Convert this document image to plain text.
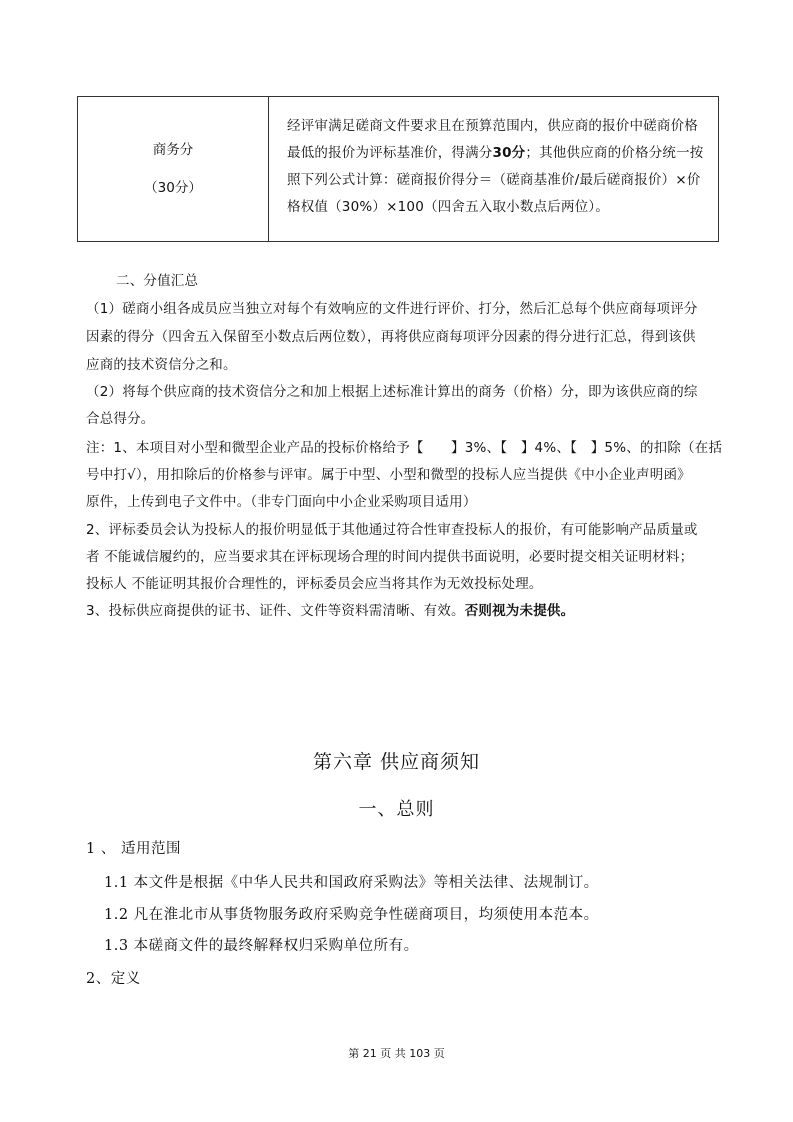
商务分
（30分）
经评审满足磋商文件要求且在预算范围内，供应商的报价中磋商价格最低的报价为评标基准价，得满分30分；其他供应商的价格分统一按照下列公式计算：磋商报价得分＝（磋商基准价/最后磋商报价）×价格权值（30%）×100（四舍五入取小数点后两位）。
二、分值汇总
（1）磋商小组各成员应当独立对每个有效响应的文件进行评价、打分，然后汇总每个供应商每项评分
因素的得分（四舍五入保留至小数点后两位数），再将供应商每项评分因素的得分进行汇总，得到该供
应商的技术资信分之和。
（2）将每个供应商的技术资信分之和加上根据上述标准计算出的商务（价格）分，即为该供应商的综
合总得分。
注：1、本项目对小型和微型企业产品的投标价格给予【　　】3%、【　】4%、【　】5%、的扣除（在括
号中打√），用扣除后的价格参与评审。属于中型、小型和微型的投标人应当提供《中小企业声明函》
原件，上传到电子文件中。（非专门面向中小企业采购项目适用）
2、评标委员会认为投标人的报价明显低于其他通过符合性审查投标人的报价，有可能影响产品质量或
者 不能诚信履约的，应当要求其在评标现场合理的时间内提供书面说明，必要时提交相关证明材料；
投标人 不能证明其报价合理性的，评标委员会应当将其作为无效投标处理。
3、投标供应商提供的证书、证件、文件等资料需清晰、有效。否则视为未提供。
第六章 供应商须知
一、总则
1 、 适用范围
1.1 本文件是根据《中华人民共和国政府采购法》等相关法律、法规制订。
1.2 凡在淮北市从事货物服务政府采购竞争性磋商项目，均须使用本范本。
1.3 本磋商文件的最终解释权归采购单位所有。
2、定义
第 21 页 共 103 页
